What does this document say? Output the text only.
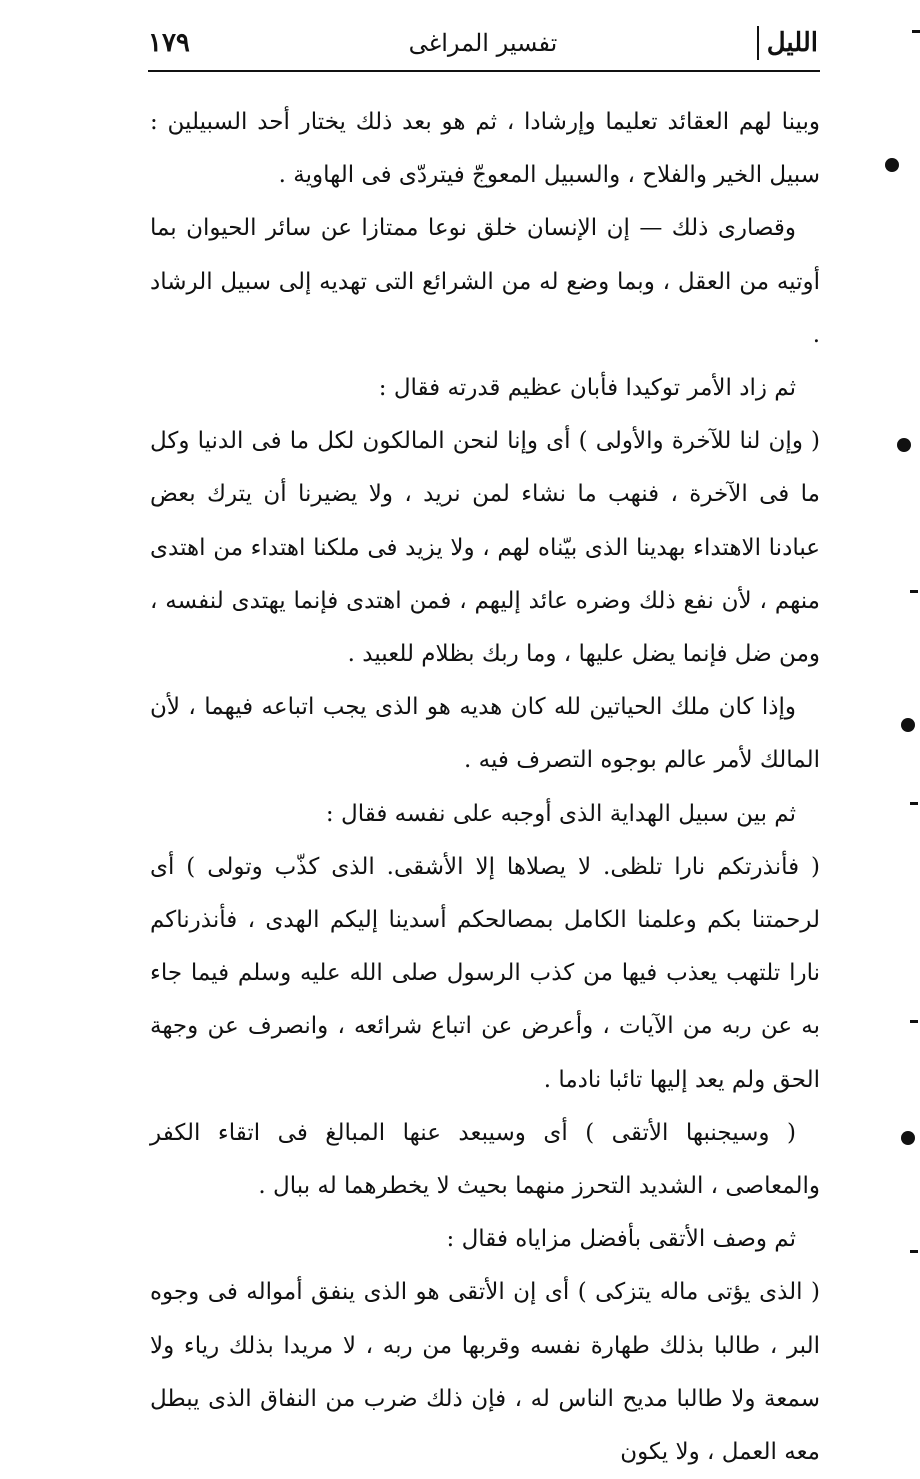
الليل
تفسير المراغى
١٧٩

وبينا لهم العقائد تعليما وإرشادا ، ثم هو بعد ذلك يختار أحد السبيلين : سبيل الخير والفلاح ، والسبيل المعوجّ فيتردّى فى الهاوية .

وقصارى ذلك — إن الإنسان خلق نوعا ممتازا عن سائر الحيوان بما أوتيه من العقل ، وبما وضع له من الشرائع التى تهديه إلى سبيل الرشاد .

ثم زاد الأمر توكيدا فأبان عظيم قدرته فقال :

( وإن لنا للآخرة والأولى ) أى وإنا لنحن المالكون لكل ما فى الدنيا وكل ما فى الآخرة ، فنهب ما نشاء لمن نريد ، ولا يضيرنا أن يترك بعض عبادنا الاهتداء بهدينا الذى بيّناه لهم ، ولا يزيد فى ملكنا اهتداء من اهتدى منهم ، لأن نفع ذلك وضره عائد إليهم ، فمن اهتدى فإنما يهتدى لنفسه ، ومن ضل فإنما يضل عليها ، وما ربك بظلام للعبيد .

وإذا كان ملك الحياتين لله كان هديه هو الذى يجب اتباعه فيهما ، لأن المالك لأمر عالم بوجوه التصرف فيه .

ثم بين سبيل الهداية الذى أوجبه على نفسه فقال :

( فأنذرتكم نارا تلظى. لا يصلاها إلا الأشقى. الذى كذّب وتولى ) أى لرحمتنا بكم وعلمنا الكامل بمصالحكم أسدينا إليكم الهدى ، فأنذرناكم نارا تلتهب يعذب فيها من كذب الرسول صلى الله عليه وسلم فيما جاء به عن ربه من الآيات ، وأعرض عن اتباع شرائعه ، وانصرف عن وجهة الحق ولم يعد إليها تائبا نادما .

( وسيجنبها الأتقى ) أى وسيبعد عنها المبالغ فى اتقاء الكفر والمعاصى ، الشديد التحرز منهما بحيث لا يخطرهما له ببال .

ثم وصف الأتقى بأفضل مزاياه فقال :

( الذى يؤتى ماله يتزكى ) أى إن الأتقى هو الذى ينفق أمواله فى وجوه البر ، طالبا بذلك طهارة نفسه وقربها من ربه ، لا مريدا بذلك رياء ولا سمعة ولا طالبا مديح الناس له ، فإن ذلك ضرب من النفاق الذى يبطل معه العمل ، ولا يكون
